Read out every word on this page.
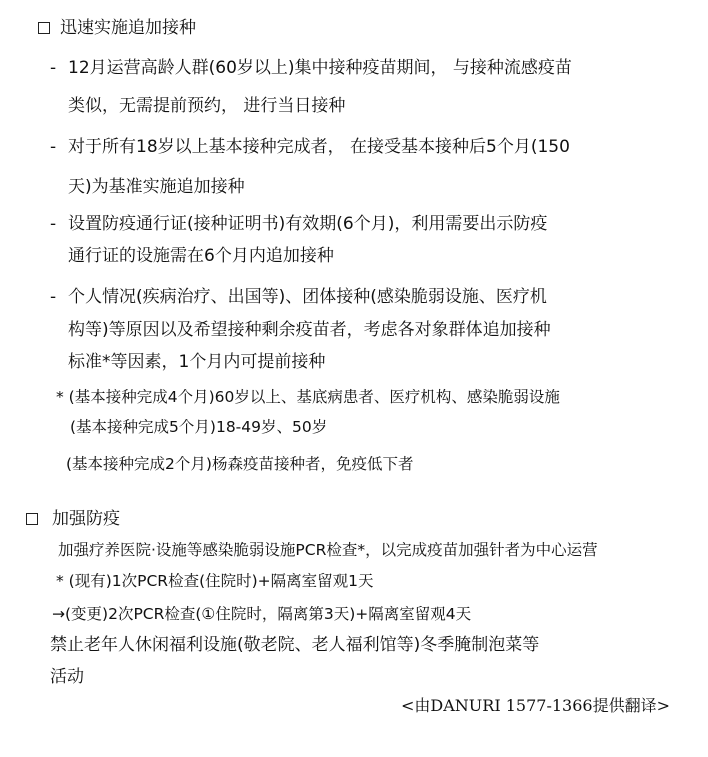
迅速实施追加接种
- 12月运营高龄人群(60岁以上)集中接种疫苗期间， 与接种流感疫苗
类似，无需提前预约， 进行当日接种
- 对于所有18岁以上基本接种完成者， 在接受基本接种后5个月(150
天)为基准实施追加接种
- 设置防疫通行证(接种证明书)有效期(6个月)，利用需要出示防疫
通行证的设施需在6个月内追加接种
- 个人情况(疾病治疗、出国等)、团体接种(感染脆弱设施、医疗机
构等)等原因以及希望接种剩余疫苗者，考虑各对象群体追加接种
标准*等因素，1个月内可提前接种
* (基本接种完成4个月)60岁以上、基底病患者、医疗机构、感染脆弱设施
(基本接种完成5个月)18-49岁、50岁
(基本接种完成2个月)杨森疫苗接种者，免疫低下者
加强防疫
加强疗养医院·设施等感染脆弱设施PCR检查*，以完成疫苗加强针者为中心运营
* (现有)1次PCR检查(住院时)+隔离室留观1天
→(变更)2次PCR检查(①住院时，隔离第3天)+隔离室留观4天
禁止老年人休闲福利设施(敬老院、老人福利馆等)冬季腌制泡菜等
活动
<由DANURI 1577-1366提供翻译>
